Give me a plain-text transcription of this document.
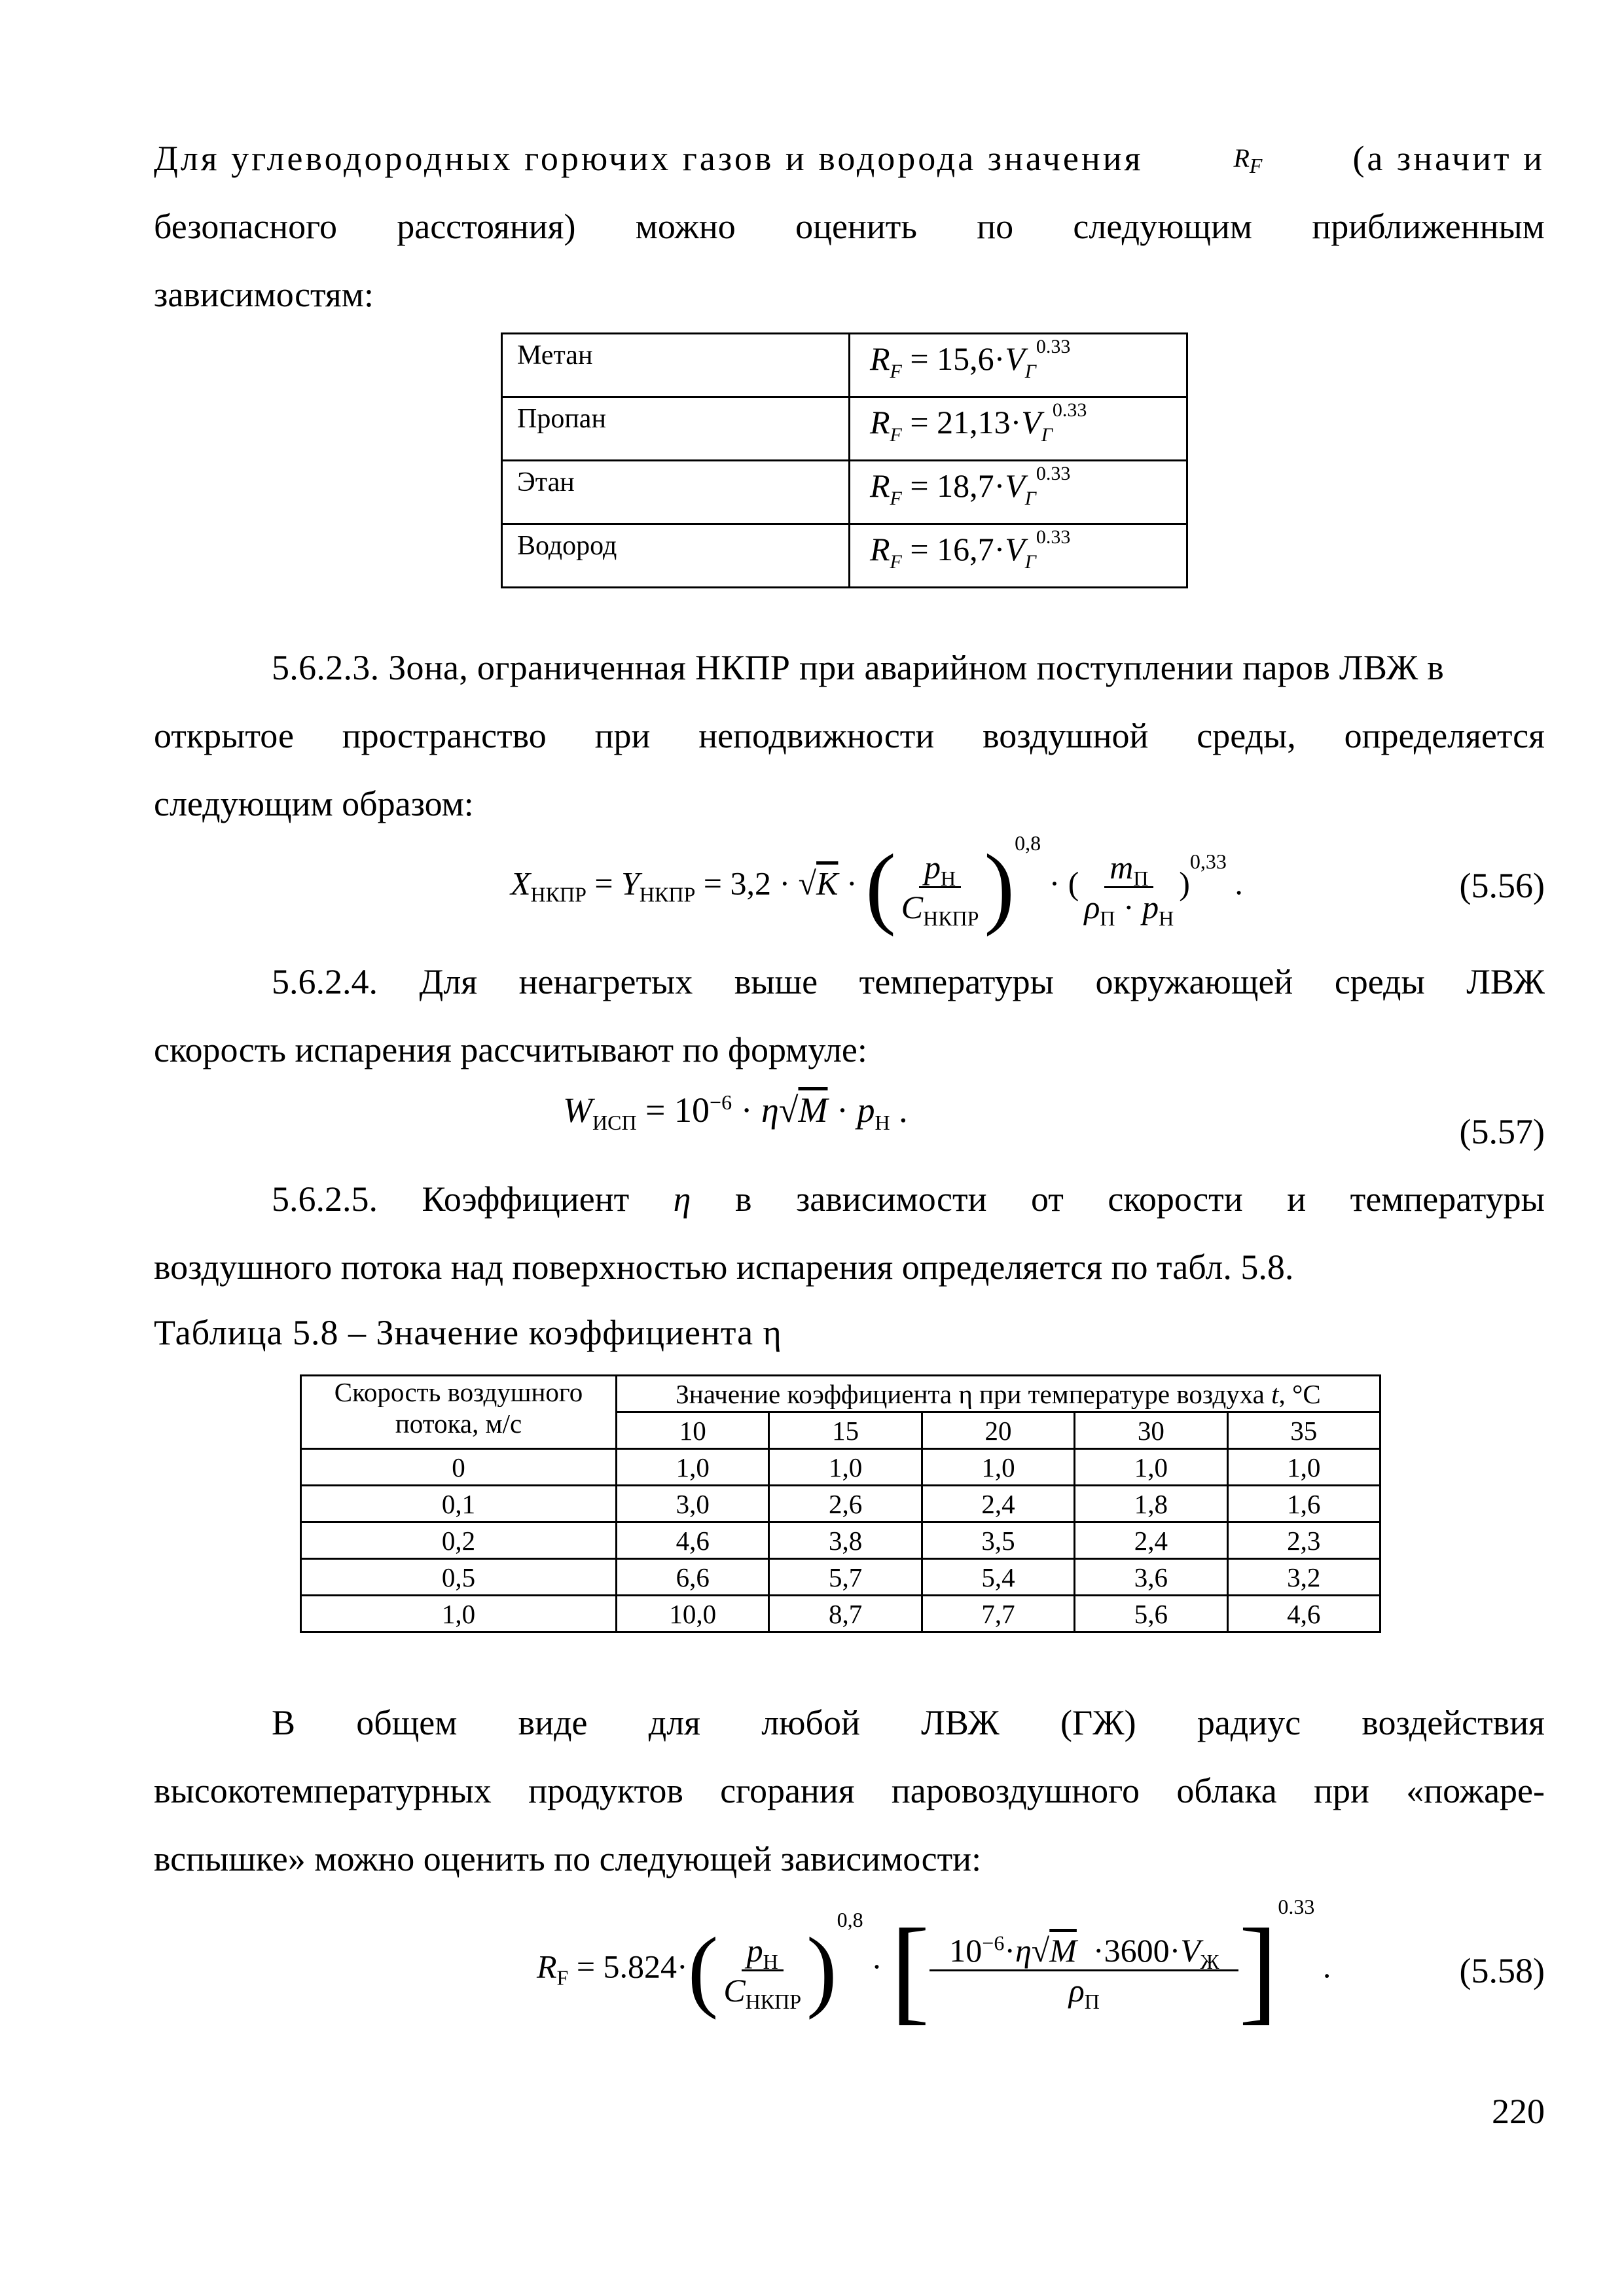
Для углеводородных горючих газов и водорода значения	$R_F$	(а значит и
безопасного расстояния) можно оценить по следующим приближенным
зависимостям:
Метан	$R_F = 15,6\cdot V_Г^{0.33}$
Пропан	$R_F = 21,13\cdot V_Г^{0.33}$
Этан	$R_F = 18,7\cdot V_Г^{0.33}$
Водород	$R_F = 16,7\cdot V_Г^{0.33}$
5.6.2.3. Зона, ограниченная НКПР при аварийном поступлении паров ЛВЖ в
открытое пространство при неподвижности воздушной среды, определяется
следующим образом:
$X_{НКПР} = Y_{НКПР} = 3,2 \cdot √K$ · ( $\frac{p_Н}{C_{НКПР}} )^{0,8}$ · ( $\frac{m_П}{\rho_П \cdot p_Н} )^{0,33}$ .	(5.56)
5.6.2.4. Для ненагретых выше температуры окружающей среды ЛВЖ
скорость испарения рассчитывают по формуле:
$W_{ИСП} = 10^{-6} \cdot \eta√M \cdot p_Н$ .
(5.57)
5.6.2.5. Коэффициент η в зависимости от скорости и температуры
воздушного потока над поверхностью испарения определяется по табл. 5.8.
Таблица 5.8 – Значение коэффициента η
Скорость воздушного потока, м/с	Значение коэффициента η при температуре воздуха t, °C				
	10	15	20	30	35
0	1,0	1,0	1,0	1,0	1,0
0,1	3,0	2,6	2,4	1,8	1,6
0,2	4,6	3,8	3,5	2,4	2,3
0,5	6,6	5,7	5,4	3,6	3,2
1,0	10,0	8,7	7,7	5,6	4,6
В общем виде для любой ЛВЖ (ГЖ) радиус воздействия
высокотемпературных продуктов сгорания паровоздушного облака при «пожаре-
вспышке» можно оценить по следующей зависимости:
$R_F = 5.824\cdot( \frac{p_Н}{C_{НКПР}} )^{0,8}$ · [ $\frac{10^{-6}\cdot\eta√M \cdot 3600\cdot V_Ж}{\rho_П} ]^{0.33}$ .	(5.58)
220
